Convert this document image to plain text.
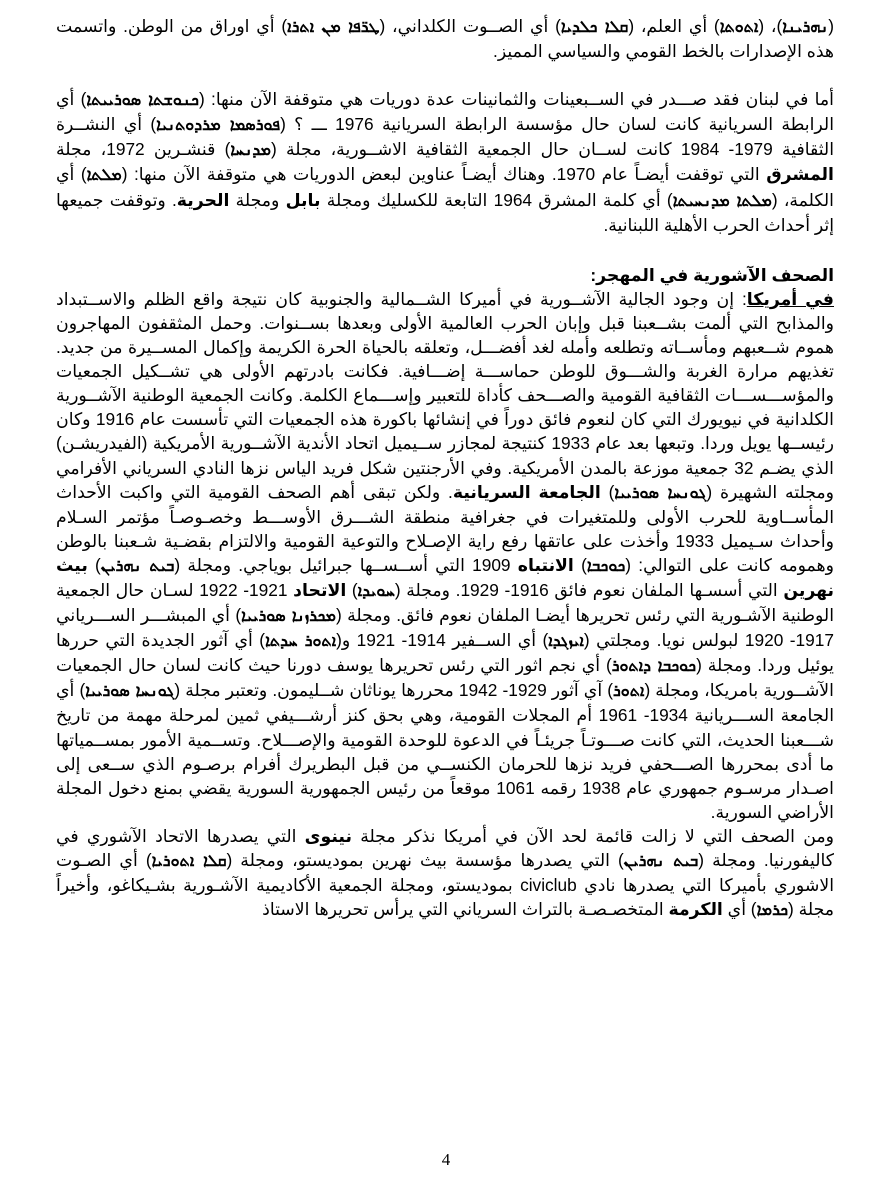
(ܢܗܪܝܢܐ)، (ܐܬܘܬܐ) أي العلم، (ܩܠܐ ܟܠܕܝܐ) أي الصــوت الكلداني، (ܛܪ̈ܦܐ ܡܢ ܐܬܪܐ) أي اوراق من الوطن. واتسمت هذه الإصدارات بالخط القومي والسياسي المميز.

أما في لبنان فقد صـــدر في الســبعينات والثمانينات عدة دوريات هي متوقفة الآن منها: (ܟܢܘܫܬܐ ܣܘܪܝܝܬܐ) أي الرابطة السريانية كانت لسان حال مؤسسة الرابطة السريانية 1976 ـــ ؟ (ܦܘܪܣܡܐ ܡܪܕܘܬܢܝܐ) أي النشــرة الثقافية 1979- 1984 كانت لســان حال الجمعية الثقافية الاشــورية، مجلة (ܡܕܢܚܐ) قنشـرين 1972، مجلة المشرق التي توقفت أيضـاً عام 1970. وهناك أيضـاً عناوين لبعض الدوريات هي متوقفة الآن منها: (ܡܠܬܐ) أي الكلمة، (ܡܠܬܐ ܡܕܢܚܝܬܐ) أي كلمة المشرق 1964 التابعة للكسليك ومجلة بابل ومجلة الحرية. وتوقفت جميعها إثر أحداث الحرب الأهلية اللبنانية.

الصحف الآشورية في المهجر:

في أمريكا: إن وجود الجالية الآشــورية في أميركا الشــمالية والجنوبية كان نتيجة واقع الظلم والاســتبداد والمذابح التي ألمت بشــعبنا قبل وإبان الحرب العالمية الأولى وبعدها بســنوات. وحمل المثقفون المهاجرون هموم شــعبهم ومأســاته وتطلعه وأمله لغد أفضـــل، وتعلقه بالحياة الحرة الكريمة وإكمال المســيرة من جديد. تغذيهم مرارة الغربة والشـــوق للوطن حماســـة إضـــافية. فكانت بادرتهم الأولى هي تشــكيل الجمعيات والمؤســـســـات الثقافية القومية والصـــحف كأداة للتعبير وإســـماع الكلمة. وكانت الجمعية الوطنية الآشــورية الكلدانية في نيويورك التي كان لنعوم فائق دوراً في إنشائها باكورة هذه الجمعيات التي تأسست عام 1916 وكان رئيســها يويل وردا. وتبعها بعد عام 1933 كنتيجة لمجازر ســيميل اتحاد الأندية الآشــورية الأمريكية (الفيدريشـن) الذي يضـم 32 جمعية موزعة بالمدن الأمريكية. وفي الأرجنتين شكل فريد الياس نزها النادي السرياني الأفرامي ومجلته الشهيرة (ܓܘܢܚܐ ܣܘܪܝܝܐ) الجامعة السريانية. ولكن تبقى أهم الصحف القومية التي واكبت الأحداث المأســاوية للحرب الأولى وللمتغيرات في جغرافية منطقة الشـــرق الأوســـط وخصـوصـاً مؤتمر السـلام وأحداث سـيميل 1933 وأخذت على عاتقها رفع راية الإصـلاح والتوعية القومية والالتزام بقضـية شـعبنا بالوطن وهمومه كانت على التوالي: (ܟܘܟܒܐ) الانتباه 1909 التي أســســها جبرائيل بوياجي. ومجلة (ܒܝܬ ܢܗܪܝܢ) بيث نهرين التي أسسـها الملفان نعوم فائق 1916- 1929. ومجلة (ܚܘܝܕܐ) الاتحاد 1921- 1922 لسـان حال الجمعية الوطنية الآشـورية التي رئس تحريرها أيضـا الملفان نعوم فائق. ومجلة (ܡܟܪܙܢܐ ܣܘܪܝܝܐ) أي المبشـــر الســـرياني 1917- 1920 لبولس نويا. ومجلتي (ܐܝܙܓܕܐ) أي الســفير 1914- 1921 و(ܐܬܘܪ ܚܕܬܐ) أي آثور الجديدة التي حررها يوئيل وردا. ومجلة (ܟܘܟܒܐ ܕܐܬܘܪ) أي نجم اثور التي رئس تحريرها يوسف دورنا حيث كانت لسان حال الجمعيات الآشــورية بامريكا، ومجلة (ܐܬܘܪ) آي آثور 1929- 1942 محررها يوناثان شــليمون. وتعتبر مجلة (ܓܘܢܚܐ ܣܘܪܝܝܐ) أي الجامعة الســـريانية 1934- 1961 أم المجلات القومية، وهي بحق كنز أرشـــيفي ثمين لمرحلة مهمة من تاريخ شـــعبنا الحديث، التي كانت صـــوتـاً جريئـاً في الدعوة للوحدة القومية والإصـــلاح. وتســمية الأمور بمســمياتها ما أدى بمحررها الصـــحفي فريد نزها للحرمان الكنســي من قبل البطريرك أفرام برصـوم الذي ســعى إلى اصـدار مرسـوم جمهوري عام 1938 رقمه 1061 موقعاً من رئيس الجمهورية السورية يقضي بمنع دخول المجلة الأراضي السورية.

ومن الصحف التي لا زالت قائمة لحد الآن في أمريكا نذكر مجلة نينوى التي يصدرها الاتحاد الآشوري في كاليفورنيا. ومجلة (ܒܝܬ ܢܗܪܝܢ) التي يصدرها مؤسسة بيث نهرين بموديستو، ومجلة (ܩܠܐ ܐܬܘܪܝܐ) أي الصـوت الاشوري بأميركا التي يصدرها نادي civiclub بموديستو، ومجلة الجمعية الأكاديمية الآشـورية بشـيكاغو، وأخيراً مجلة (ܟܪܡܐ) أي الكرمة المتخصـصـة بالتراث السرياني التي يرأس تحريرها الاستاذ

4
